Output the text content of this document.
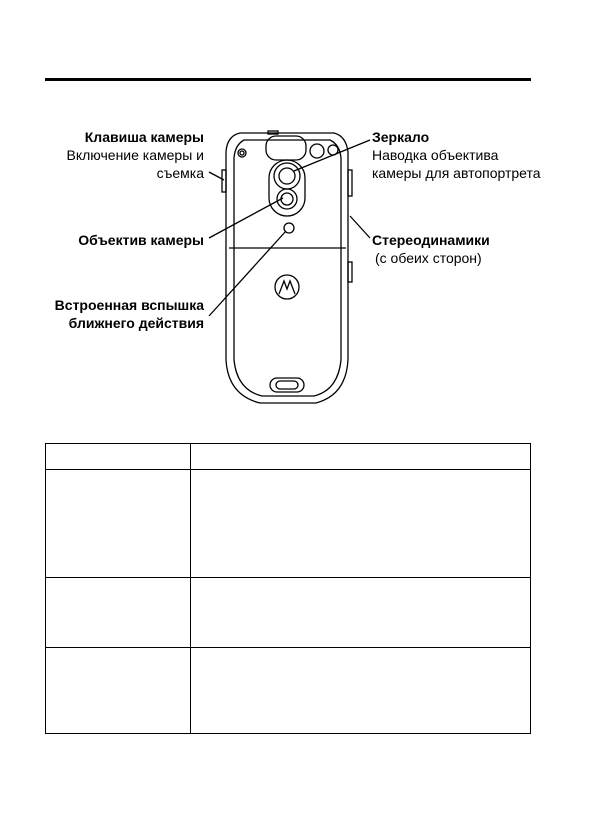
Клавиша камеры
Включение камеры и
съемка
Объектив камеры
Встроенная вспышка
ближнего действия
Зеркало
Наводка объектива
камеры для автопортрета
Стереодинамики
(с обеих сторон)
